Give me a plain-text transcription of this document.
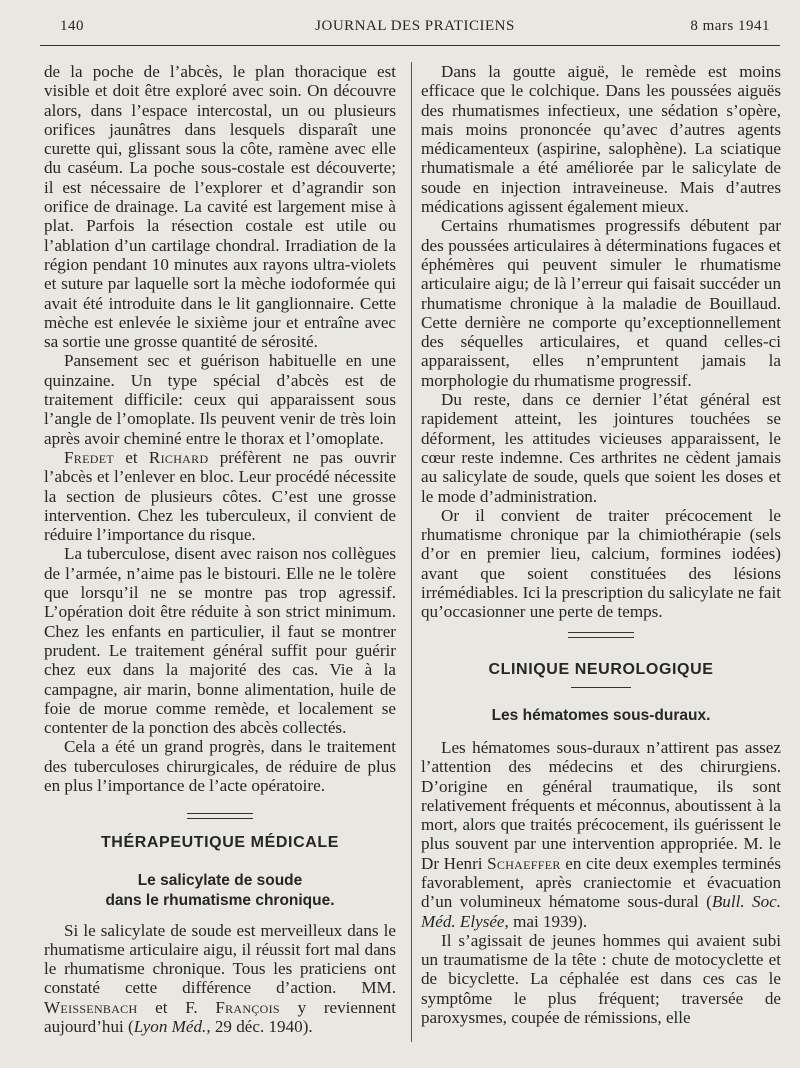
140	JOURNAL DES PRATICIENS	8 mars 1941

de la poche de l’abcès, le plan thoracique est visible et doit être exploré avec soin. On découvre alors, dans l’espace intercostal, un ou plusieurs orifices jaunâtres dans lesquels disparaît une curette qui, glissant sous la côte, ramène avec elle du caséum. La poche sous-costale est découverte; il est nécessaire de l’explorer et d’agrandir son orifice de drainage. La cavité est largement mise à plat. Parfois la résection costale est utile ou l’ablation d’un cartilage chondral. Irradiation de la région pendant 10 minutes aux rayons ultra-violets et suture par laquelle sort la mèche iodoformée qui avait été introduite dans le lit ganglionnaire. Cette mèche est enlevée le sixième jour et entraîne avec sa sortie une grosse quantité de sérosité.

Pansement sec et guérison habituelle en une quinzaine. Un type spécial d’abcès est de traitement difficile: ceux qui apparaissent sous l’angle de l’omoplate. Ils peuvent venir de très loin après avoir cheminé entre le thorax et l’omoplate.

Fredet et Richard préfèrent ne pas ouvrir l’abcès et l’enlever en bloc. Leur procédé nécessite la section de plusieurs côtes. C’est une grosse intervention. Chez les tuberculeux, il convient de réduire l’importance du risque.

La tuberculose, disent avec raison nos collègues de l’armée, n’aime pas le bistouri. Elle ne le tolère que lorsqu’il ne se montre pas trop agressif. L’opération doit être réduite à son strict minimum. Chez les enfants en particulier, il faut se montrer prudent. Le traitement général suffit pour guérir chez eux dans la majorité des cas. Vie à la campagne, air marin, bonne alimentation, huile de foie de morue comme remède, et localement se contenter de la ponction des abcès collectés.

Cela a été un grand progrès, dans le traitement des tuberculoses chirurgicales, de réduire de plus en plus l’importance de l’acte opératoire.

THÉRAPEUTIQUE MÉDICALE
Le salicylate de soude
dans le rhumatisme chronique.

Si le salicylate de soude est merveilleux dans le rhumatisme articulaire aigu, il réussit fort mal dans le rhumatisme chronique. Tous les praticiens ont constaté cette différence d’action. MM. Weissenbach et F. François y reviennent aujourd’hui (Lyon Méd., 29 déc. 1940).

Dans la goutte aiguë, le remède est moins efficace que le colchique. Dans les poussées aiguës des rhumatismes infectieux, une sédation s’opère, mais moins prononcée qu’avec d’autres agents médicamenteux (aspirine, salophène). La sciatique rhumatismale a été améliorée par le salicylate de soude en injection intraveineuse. Mais d’autres médications agissent également mieux.

Certains rhumatismes progressifs débutent par des poussées articulaires à déterminations fugaces et éphémères qui peuvent simuler le rhumatisme articulaire aigu; de là l’erreur qui faisait succéder un rhumatisme chronique à la maladie de Bouillaud. Cette dernière ne comporte qu’exceptionnellement des séquelles articulaires, et quand celles-ci apparaissent, elles n’empruntent jamais la morphologie du rhumatisme progressif.

Du reste, dans ce dernier l’état général est rapidement atteint, les jointures touchées se déforment, les attitudes vicieuses apparaissent, le cœur reste indemne. Ces arthrites ne cèdent jamais au salicylate de soude, quels que soient les doses et le mode d’administration.

Or il convient de traiter précocement le rhumatisme chronique par la chimiothérapie (sels d’or en premier lieu, calcium, formines iodées) avant que soient constituées des lésions irrémédiables. Ici la prescription du salicylate ne fait qu’occasionner une perte de temps.

CLINIQUE NEUROLOGIQUE
Les hématomes sous-duraux.

Les hématomes sous-duraux n’attirent pas assez l’attention des médecins et des chirurgiens. D’origine en général traumatique, ils sont relativement fréquents et méconnus, aboutissent à la mort, alors que traités précocement, ils guérissent le plus souvent par une intervention appropriée. M. le Dr Henri Schaeffer en cite deux exemples terminés favorablement, après craniectomie et évacuation d’un volumineux hématome sous-dural (Bull. Soc. Méd. Elysée, mai 1939).

Il s’agissait de jeunes hommes qui avaient subi un traumatisme de la tête : chute de motocyclette et de bicyclette. La céphalée est dans ces cas le symptôme le plus fréquent; traversée de paroxysmes, coupée de rémissions, elle
